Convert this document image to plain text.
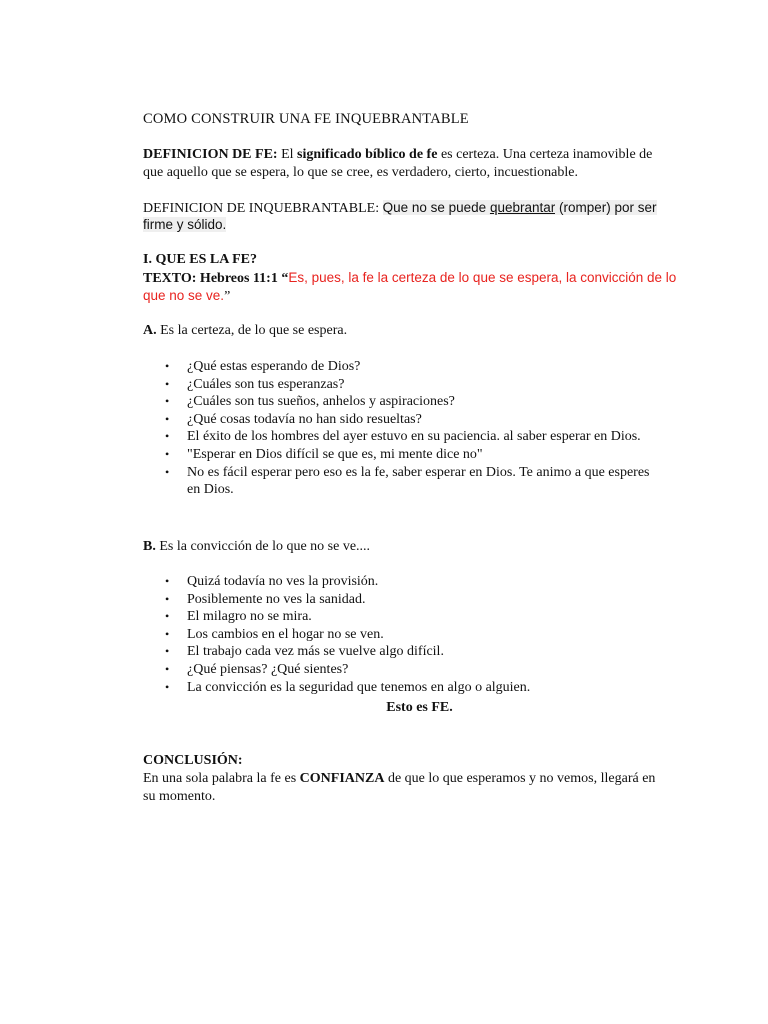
COMO CONSTRUIR UNA FE INQUEBRANTABLE
DEFINICION DE FE: El significado bíblico de fe es certeza. Una certeza inamovible de
que aquello que se espera, lo que se cree, es verdadero, cierto, incuestionable.
DEFINICION DE INQUEBRANTABLE: Que no se puede quebrantar (romper) por ser
firme y sólido.
I. QUE ES LA FE?
TEXTO: Hebreos 11:1 “Es, pues, la fe la certeza de lo que se espera, la convicción de lo
que no se ve.”
A. Es la certeza, de lo que se espera.
• ¿Qué estas esperando de Dios?
• ¿Cuáles son tus esperanzas?
• ¿Cuáles son tus sueños, anhelos y aspiraciones?
• ¿Qué cosas todavía no han sido resueltas?
• El éxito de los hombres del ayer estuvo en su paciencia. al saber esperar en Dios.
• "Esperar en Dios difícil se que es, mi mente dice no"
• No es fácil esperar pero eso es la fe, saber esperar en Dios. Te animo a que esperes
en Dios.
B. Es la convicción de lo que no se ve....
• Quizá todavía no ves la provisión.
• Posiblemente no ves la sanidad.
• El milagro no se mira.
• Los cambios en el hogar no se ven.
• El trabajo cada vez más se vuelve algo difícil.
• ¿Qué piensas? ¿Qué sientes?
• La convicción es la seguridad que tenemos en algo o alguien.
Esto es FE.
CONCLUSIÓN:
En una sola palabra la fe es CONFIANZA de que lo que esperamos y no vemos, llegará en
su momento.
